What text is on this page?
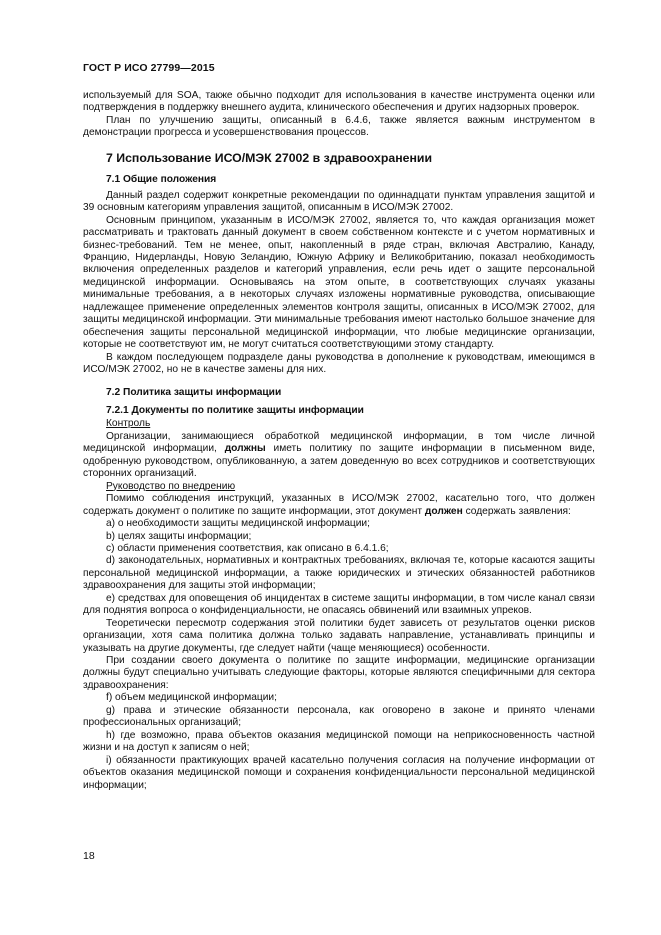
ГОСТ Р ИСО 27799—2015

используемый для SOA, также обычно подходит для использования в качестве инструмента оценки или подтверждения в поддержку внешнего аудита, клинического обеспечения и других надзорных проверок.

План по улучшению защиты, описанный в 6.4.6, также является важным инструментом в демонстрации прогресса и усовершенствования процессов.

7 Использование ИСО/МЭК 27002 в здравоохранении
7.1 Общие положения

Данный раздел содержит конкретные рекомендации по одиннадцати пунктам управления защитой и 39 основным категориям управления защитой, описанным в ИСО/МЭК 27002.

Основным принципом, указанным в ИСО/МЭК 27002, является то, что каждая организация может рассматривать и трактовать данный документ в своем собственном контексте и с учетом нормативных и бизнес-требований. Тем не менее, опыт, накопленный в ряде стран, включая Австралию, Канаду, Францию, Нидерланды, Новую Зеландию, Южную Африку и Великобританию, показал необходимость включения определенных разделов и категорий управления, если речь идет о защите персональной медицинской информации. Основываясь на этом опыте, в соответствующих случаях указаны минимальные требования, а в некоторых случаях изложены нормативные руководства, описывающие надлежащее применение определенных элементов контроля защиты, описанных в ИСО/МЭК 27002, для защиты медицинской информации. Эти минимальные требования имеют настолько большое значение для обеспечения защиты персональной медицинской информации, что любые медицинские организации, которые не соответствуют им, не могут считаться соответствующими этому стандарту.

В каждом последующем подразделе даны руководства в дополнение к руководствам, имеющимся в ИСО/МЭК 27002, но не в качестве замены для них.

7.2 Политика защиты информации
7.2.1 Документы по политике защиты информации

Контроль

Организации, занимающиеся обработкой медицинской информации, в том числе личной медицинской информации, должны иметь политику по защите информации в письменном виде, одобренную руководством, опубликованную, а затем доведенную во всех сотрудников и соответствующих сторонних организаций.

Руководство по внедрению

Помимо соблюдения инструкций, указанных в ИСО/МЭК 27002, касательно того, что должен содержать документ о политике по защите информации, этот документ должен содержать заявления:

a) о необходимости защиты медицинской информации;

b) целях защиты информации;

c) области применения соответствия, как описано в 6.4.1.6;

d) законодательных, нормативных и контрактных требованиях, включая те, которые касаются защиты персональной медицинской информации, а также юридических и этических обязанностей работников здравоохранения для защиты этой информации;

e) средствах для оповещения об инцидентах в системе защиты информации, в том числе канал связи для поднятия вопроса о конфиденциальности, не опасаясь обвинений или взаимных упреков.

Теоретически пересмотр содержания этой политики будет зависеть от результатов оценки рисков организации, хотя сама политика должна только задавать направление, устанавливать принципы и указывать на другие документы, где следует найти (чаще меняющиеся) особенности.

При создании своего документа о политике по защите информации, медицинские организации должны будут специально учитывать следующие факторы, которые являются специфичными для сектора здравоохранения:

f) объем медицинской информации;

g) права и этические обязанности персонала, как оговорено в законе и принято членами профессиональных организаций;

h) где возможно, права объектов оказания медицинской помощи на неприкосновенность частной жизни и на доступ к записям о ней;

i) обязанности практикующих врачей касательно получения согласия на получение информации от объектов оказания медицинской помощи и сохранения конфиденциальности персональной медицинской информации;

18
